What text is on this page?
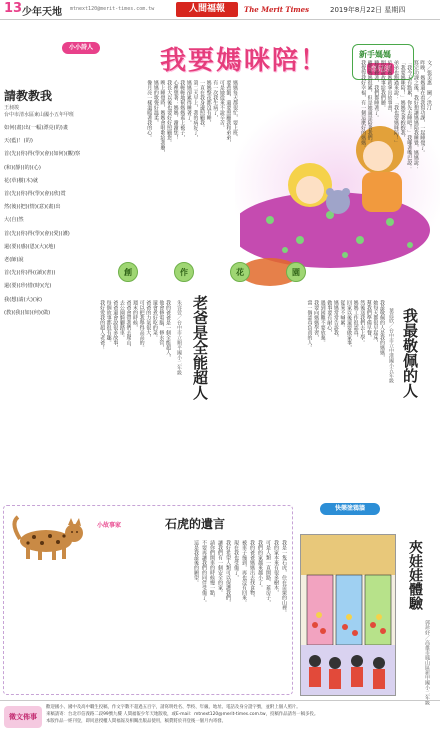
13 少年天地 mtnext120@merit-times.com.tw	人間福報	The Merit Times	2019年8月22日 星期四
小小詩人	我要媽咪陪！	新手媽媽
育兒經
請教教我
王昶竣
台中市清水區東山國小五年甲班

如何(畫)出(一幅)漂亮(的)畫

天(藍)！(的)

首(先)(你)得(學)(會)(如何)(觀)察

(和)(靜)(的)(心)

花(草)樹(木)就

首(先)(你)得(學)(會)(欣)賞

然(後)(把)(情)(意)(畫)出

大(自)然

首(先)(你)得(學)(會)(愛)(護)

還(要)(感)(恩)(大)(地)

老(師)說

首(先)(你)得((讀)(書))

還(要)(珍)惜(時)(光)

我(想)請(大)(家)

(教)(我)(如)(何)(做)

文／張美惠　圖／洪汀
昨晚，媽媽還在看我寫功課，一起睡覺了。
寫完功課之後，我好想讓媽媽陪我睡覺，媽媽說：
「我今天有點累，你先去睡吧！」我嘟著嘴巴說：
「我要媽咪陪！」媽媽笑著抱抱我，
弟弟也跑過來說：「我也要媽咪陪！」
於是媽媽就拿出故事書，
開始說故事給我們聽。
聽著聽著，我們都睡著了。
雖然媽媽很累，但是她還是陪著我們。
我覺得我好幸福，有一個這麼好的媽媽。
媽媽每天都很忙，要上班、
要煮飯、還要照顧我和弟弟，
可是她從來不說辛苦。
有一次我生病了，
媽媽整夜都沒有睡，
一直在我身邊照顧我。
第二天早上，我的病好了，
媽媽卻累得睡著了。
我輕輕地幫媽媽蓋上被子，
心裡想著：媽媽，謝謝您！
我長大以後也要好好照顧您。
晚上睡覺時，媽媽會唱歌給我聽，
媽媽的歌聲好溫柔，
像月亮一樣溫暖著我的心。
創	作	花	園
我最敬佩的人
葉晨欣／台中市立中港國小五年級
我最敬佩的人是我的媽媽，
她每天都很早起床，
幫我們準備早餐，
然後送我們去上學。
媽媽工作很認真，
回家以後還要做家事，
從來不喊累。
媽媽常常告訴我，
做事要有耐心，
遇到困難不要放棄。
我要向媽媽學習，
當一個認真負責的人。
老爸是全能超人
朱容萱／台中市立順平國小二年級
我的爸爸是一個全能超人，
他會修電腦、修水管，
還會煮好吃的菜。
爸爸的力氣很大，
可以把我舉得高高的。
週末的時候，
爸爸會帶我們去爬山、
去公園騎腳踏車。
爸爸還會說很多故事，
每個故事都很有趣。
我好愛我的超人老爸！
小故事家	石虎的遺言
我是一隻石虎，住在苗栗的山裡。
我的家本來有很多樹木，
可是人類一直開路、蓋房子，
我們的家越來越小了。
我的爸爸媽媽出去找食物，
被車子撞到，再也沒有回來。
現在我也受傷了，
我好希望人類可以保護我們，
讓我們有一個安全的家。
請你們開車的時候慢一點，
不要再讓我們的同伴受傷了。
這是我最後的願望。
快樂塗鴉牆
夾娃娃體驗
郭珍妤／高雄市鳳山區新甲國小二年級
徵文佈事

歡迎國小、國中及高中職生投稿，作文字數不超過五百字，請寫明姓名、學校、年級、地址、電話及身分證字號，並附上個人照片。

來稿請寄：台北市信義路二段99號九樓 人間福報少年天地版收，或E-mail：mtnext120@merit-times.com.tw，投稿作品請勿一稿多投。

本版作品一經刊登，即同意授權人間福報及相關出版品使用，稿費將於刊登後一個月內寄發。
